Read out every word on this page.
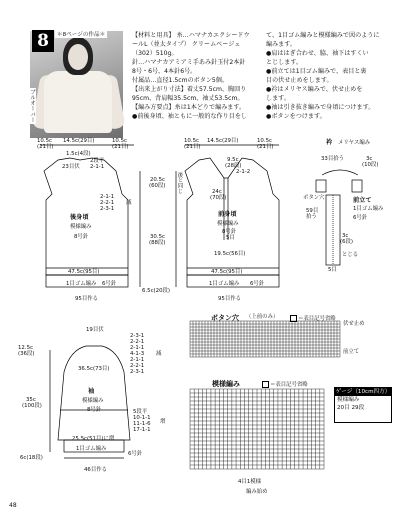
8	＊8ページの作品＊
プルオーバー
【材料と用具】 糸…ハマナカエクシードウ
ールL（並太タイプ） クリームベージュ
（302）510g。
針…ハマナカアミアミ手あみ針玉付2本針
8号・6号、4本針6号。
付属品…直径1.5cmのボタン5個。
【出来上がり寸法】着丈57.5cm、胸回り
95cm、背肩幅35.5cm、袖丈53.5cm。
【編み方要点】糸は1本どりで編みます。
●前後身頃、袖ともに一般的な作り目をし
て、1目ゴム編みと模様編みで図のように
編みます。
●肩ははぎ合わせ、脇、袖下はすくい
とじします。
●前立ては1目ゴム編みで、表目と裏
目の伏せ止めをします。
●衿はメリヤス編みで、伏せ止めを
します。
●袖は引き抜き編みで身頃につけます。
●ボタンをつけます。
10.5c
(21目)
14.5c(29目)	10.5c
(21目)
1.5c(4段)
2段平
2-1-1
23目伏
20.5c
(60段)
30.5c
(88段)
2-1-1
2-2-1
2-3-1
減
後身頃
模様編み
8号針
47.5c(95目)
1目ゴム編み 6号針
95目作る
6.5c(20段)
10.5c
(21目)
14.5c(29目)	10.5c
(21目)
9.5c
(28段)
2-1-2
24c
(70段)
5目
前身頃
模様編み
8号針
19.5c(56目)
47.5c(95目)
1目ゴム編み 6号針
95目作る
後と同じ
衿 メリヤス編み
33目拾う	3c
(10段)
前立て
1目ゴム編み
6号針
ボタン穴
59目
拾う
3c
(6段)
とじる
5目
19目伏
12.5c
(36段)
2-3-1
2-2-1
2-1-1
4-1-3
2-1-1
2-2-1
2-3-1
減
36.5c(73目)
35c
(100段)
袖
模様編み
8号針	5段平
10-1-1
11-1-6
17-1-1
増
25.5c(51目)に増
1目ゴム編み
6号針
6c(18段)
46目作る
ボタン穴 （上前のみ）	＝表目記号省略
伏せ止め
前立て
模様編み	＝表目記号省略
編み始め
4目1模様
ゲージ（10cm四方）
模様編み
20目 29段
48
